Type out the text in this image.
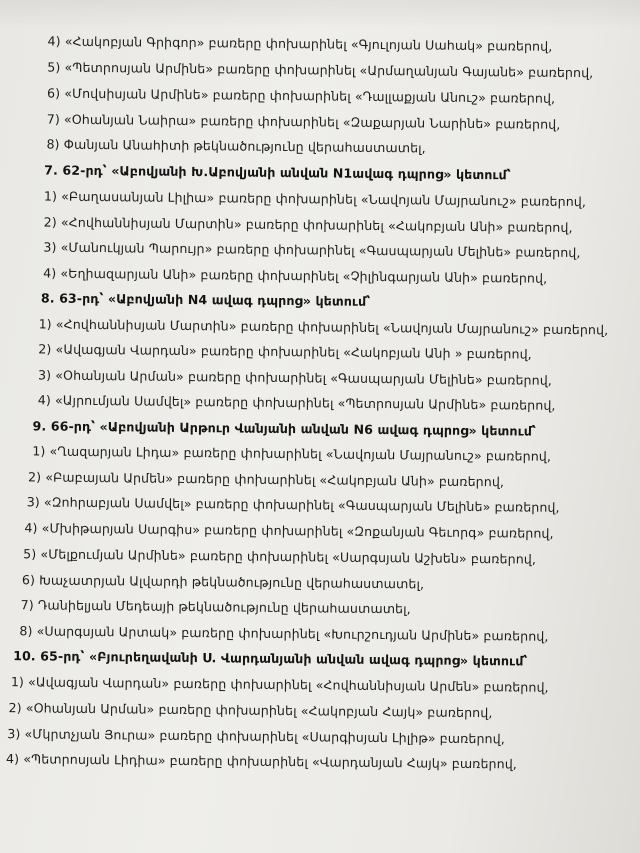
4) «Հակոբյան Գրիգոր» բառերը փոխարինել «Գյուլոյան Սահակ» բառերով,
5) «Պետրոսյան Արմինե» բառերը փոխարինել «Արմաղանյան Գայանե» բառերով,
6) «Մովսիսյան Արմինե» բառերը փոխարինել «Դալլաքյան Անուշ» բառերով,
7) «Օհանյան Նաիրա» բառերը փոխարինել «Զաքարյան Նարինե» բառերով,
8) Փանյան Անահիտի թեկնածությունը վերահաստատել,
7. 62-րդ՝ «Աբովյանի Խ.Աբովյանի անվան N1ավագ դպրոց» կետում՝
1) «Բաղասանյան Լիլիա» բառերը փոխարինել «Նավոյան Մայրանուշ» բառերով,
2) «Հովհաննիսյան Մարտին» բառերը փոխարինել «Հակոբյան Անի» բառերով,
3) «Մանուկյան Պարույր» բառերը փոխարինել «Գասպարյան Մելինե» բառերով,
4) «Եղիազարյան Անի» բառերը փոխարինել «Չիլինգարյան Անի» բառերով,
8. 63-րդ՝ «Աբովյանի N4 ավագ դպրոց» կետում՝
1) «Հովհաննիսյան Մարտին» բառերը փոխարինել «Նավոյան Մայրանուշ» բառերով,
2) «Ավագյան Վարդան» բառերը փոխարինել «Հակոբյան Անի » բառերով,
3) «Օհանյան Արման» բառերը փոխարինել «Գասպարյան Մելինե» բառերով,
4) «Այրումյան Սամվել» բառերը փոխարինել «Պետրոսյան Արմինե» բառերով,
9. 66-րդ՝ «Աբովյանի Արթուր Վանյանի անվան N6 ավագ դպրոց» կետում՝
1) «Ղազարյան Լիդա» բառերը փոխարինել «Նավոյան Մայրանուշ» բառերով,
2) «Բաբայան Արմեն» բառերը փոխարինել «Հակոբյան Անի» բառերով,
3) «Զոհրաբյան Սամվել» բառերը փոխարինել «Գասպարյան Մելինե» բառերով,
4) «Մխիթարյան Սարգիս» բառերը փոխարինել «Զոքանյան Գեւորգ» բառերով,
5) «Մելքումյան Արմինե» բառերը փոխարինել «Սարգսյան Աշխեն» բառերով,
6) Խաչատրյան Ալվարդի թեկնածությունը վերահաստատել,
7) Դանիելյան Մեդեայի թեկնածությունը վերահաստատել,
8) «Սարգսյան Արտակ» բառերը փոխարինել «Խուրշուդյան Արմինե» բառերով,
10. 65-րդ՝ «Բյուրեղավանի Ս. Վարդանյանի անվան ավագ դպրոց» կետում՝
1) «Ավագյան Վարդան» բառերը փոխարինել «Հովհաննիսյան Արմեն» բառերով,
2) «Օհանյան Արման» բառերը փոխարինել «Հակոբյան Հայկ» բառերով,
3) «Մկրտչյան Յուրա» բառերը փոխարինել «Սարգիսյան Լիլիթ» բառերով,
4) «Պետրոսյան Լիդիա» բառերը փոխարինել «Վարդանյան Հայկ» բառերով,
